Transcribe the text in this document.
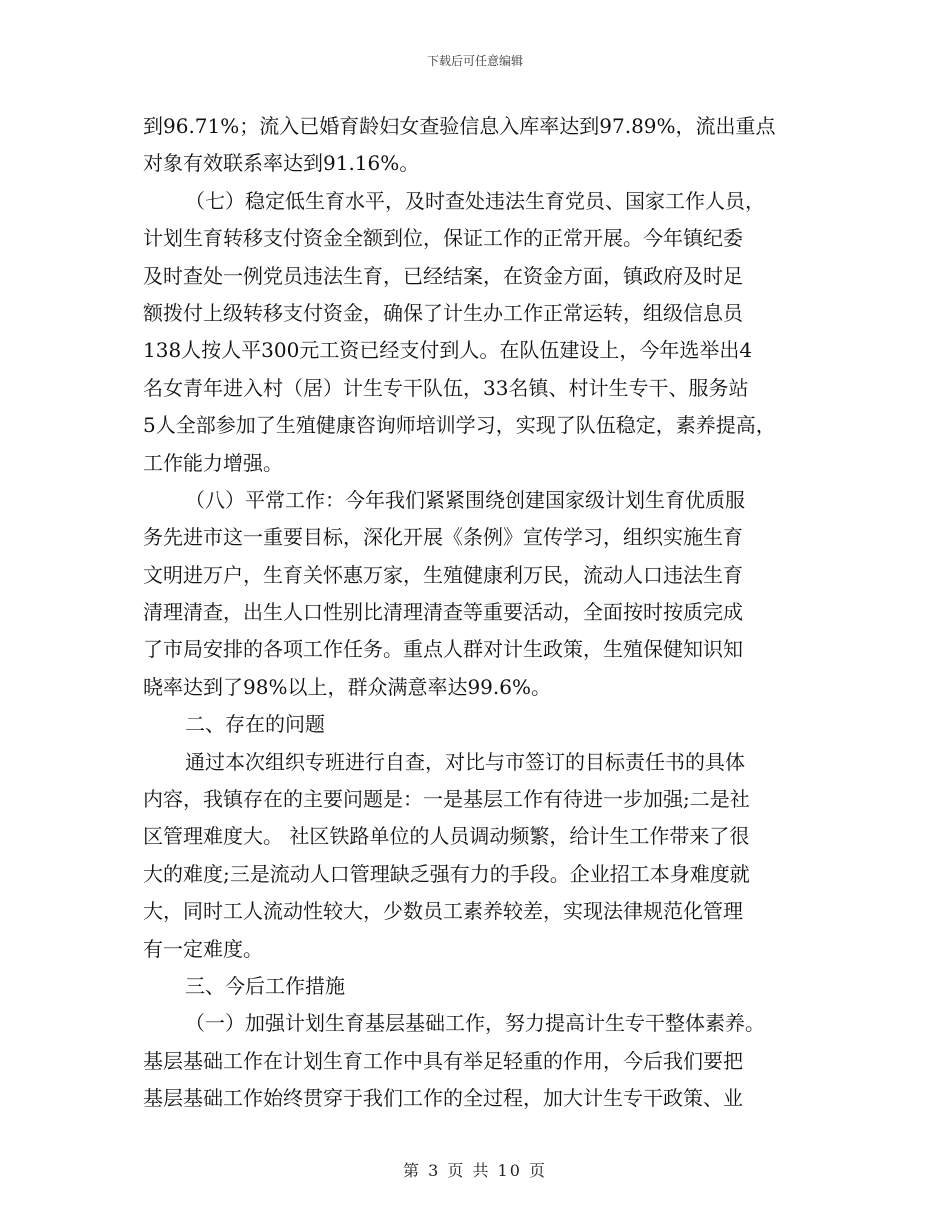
下载后可任意编辑
到96.71%；流入已婚育龄妇女查验信息入库率达到97.89%，流出重点
对象有效联系率达到91.16%。
（七）稳定低生育水平，及时查处违法生育党员、国家工作人员，
计划生育转移支付资金全额到位，保证工作的正常开展。今年镇纪委
及时查处一例党员违法生育，已经结案，在资金方面，镇政府及时足
额拨付上级转移支付资金，确保了计生办工作正常运转，组级信息员
138人按人平300元工资已经支付到人。在队伍建设上，今年选举出4
名女青年进入村（居）计生专干队伍，33名镇、村计生专干、服务站
5人全部参加了生殖健康咨询师培训学习，实现了队伍稳定，素养提高，
工作能力增强。
（八）平常工作：今年我们紧紧围绕创建国家级计划生育优质服
务先进市这一重要目标，深化开展《条例》宣传学习，组织实施生育
文明进万户，生育关怀惠万家，生殖健康利万民，流动人口违法生育
清理清查，出生人口性别比清理清查等重要活动，全面按时按质完成
了市局安排的各项工作任务。重点人群对计生政策，生殖保健知识知
晓率达到了98%以上，群众满意率达99.6%。
二、存在的问题
通过本次组织专班进行自查，对比与市签订的目标责任书的具体
内容，我镇存在的主要问题是：一是基层工作有待进一步加强;二是社
区管理难度大。 社区铁路单位的人员调动频繁，给计生工作带来了很
大的难度;三是流动人口管理缺乏强有力的手段。企业招工本身难度就
大，同时工人流动性较大，少数员工素养较差，实现法律规范化管理
有一定难度。
三、今后工作措施
（一）加强计划生育基层基础工作，努力提高计生专干整体素养。
基层基础工作在计划生育工作中具有举足轻重的作用，今后我们要把
基层基础工作始终贯穿于我们工作的全过程，加大计生专干政策、业
第 3 页 共 10 页
